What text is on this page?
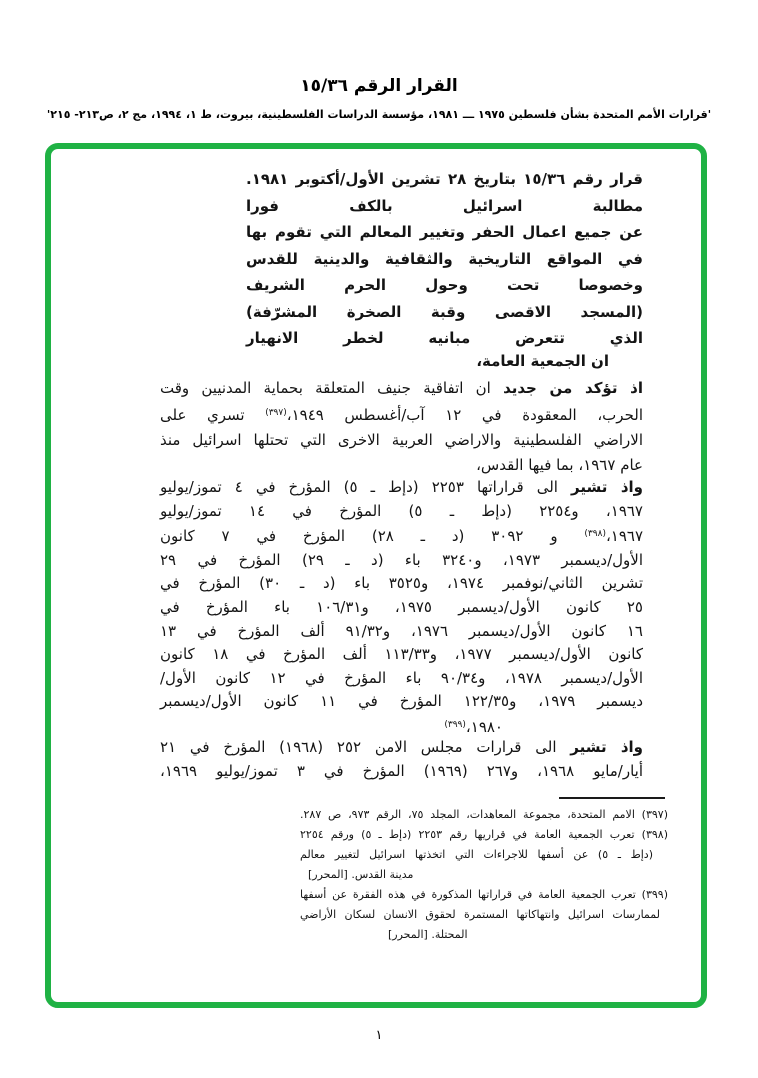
القرار الرقم ١٥/٣٦
'قرارات الأمم المتحدة بشأن فلسطين ١٩٧٥ ـــ ١٩٨١، مؤسسة الدراسات الفلسطينية، بيروت، ط ١، ١٩٩٤، مج ٢، ص٢١٣- ٢١٥'
قرار رقم ١٥/٣٦ بتاريخ ٢٨ تشرين الأول/أكتوبر ١٩٨١.
مطالبة اسرائيل بالكف فورا
عن جميع اعمال الحفر وتغيير المعالم التي تقوم بها
في المواقع التاريخية والثقافية والدينية للقدس
وخصوصا تحت وحول الحرم الشريف
(المسجد الاقصى وقبة الصخرة المشرّفة)
الذي تتعرض مبانيه لخطر الانهيار
ان الجمعية العامة،
اذ تؤكد من جديد ان اتفاقية جنيف المتعلقة بحماية المدنيين وقت
الحرب، المعقودة في ١٢ آب/أغسطس ١٩٤٩،$^{(٣٩٧)}$ تسري على
الاراضي الفلسطينية والاراضي العربية الاخرى التي تحتلها اسرائيل منذ
عام ١٩٦٧، بما فيها القدس،
واذ تشير الى قراراتها ٢٢٥٣ (دإط ـ ٥) المؤرخ في ٤ تموز/يوليو
١٩٦٧، و٢٢٥٤ (دإط ـ ٥) المؤرخ في ١٤ تموز/يوليو
١٩٦٧،$^{(٣٩٨)}$ و ٣٠٩٢ (د ـ ٢٨) المؤرخ في ٧ كانون
الأول/ديسمبر ١٩٧٣، و٣٢٤٠ باء (د ـ ٢٩) المؤرخ في ٢٩
تشرين الثاني/نوفمبر ١٩٧٤، و٣٥٢٥ باء (د ـ ٣٠) المؤرخ في
٢٥ كانون الأول/ديسمبر ١٩٧٥، و١٠٦/٣١ باء المؤرخ في
١٦ كانون الأول/ديسمبر ١٩٧٦، و٩١/٣٢ ألف المؤرخ في ١٣
كانون الأول/ديسمبر ١٩٧٧، و١١٣/٣٣ ألف المؤرخ في ١٨ كانون
الأول/ديسمبر ١٩٧٨، و٩٠/٣٤ باء المؤرخ في ١٢ كانون الأول/
ديسمبر ١٩٧٩، و١٢٢/٣٥ المؤرخ في ١١ كانون الأول/ديسمبر
١٩٨٠،$^{(٣٩٩)}$
واذ تشير الى قرارات مجلس الامن ٢٥٢ (١٩٦٨) المؤرخ في ٢١
أيار/مايو ١٩٦٨، و٢٦٧ (١٩٦٩) المؤرخ في ٣ تموز/يوليو ١٩٦٩،
(٣٩٧) الامم المتحدة، مجموعة المعاهدات، المجلد ٧٥، الرقم ٩٧٣، ص ٢٨٧.
(٣٩٨) تعرب الجمعية العامة في قراريها رقم ٢٢٥٣ (دإط ـ ٥) ورقم ٢٢٥٤
(دإط ـ ٥) عن أسفها للاجراءات التي اتخذتها اسرائيل لتغيير معالم
مدينة القدس. [المحرر]
(٣٩٩) تعرب الجمعية العامة في قراراتها المذكورة في هذه الفقرة عن أسفها
لممارسات اسرائيل وانتهاكاتها المستمرة لحقوق الانسان لسكان الأراضي
المحتلة. [المحرر]
١
